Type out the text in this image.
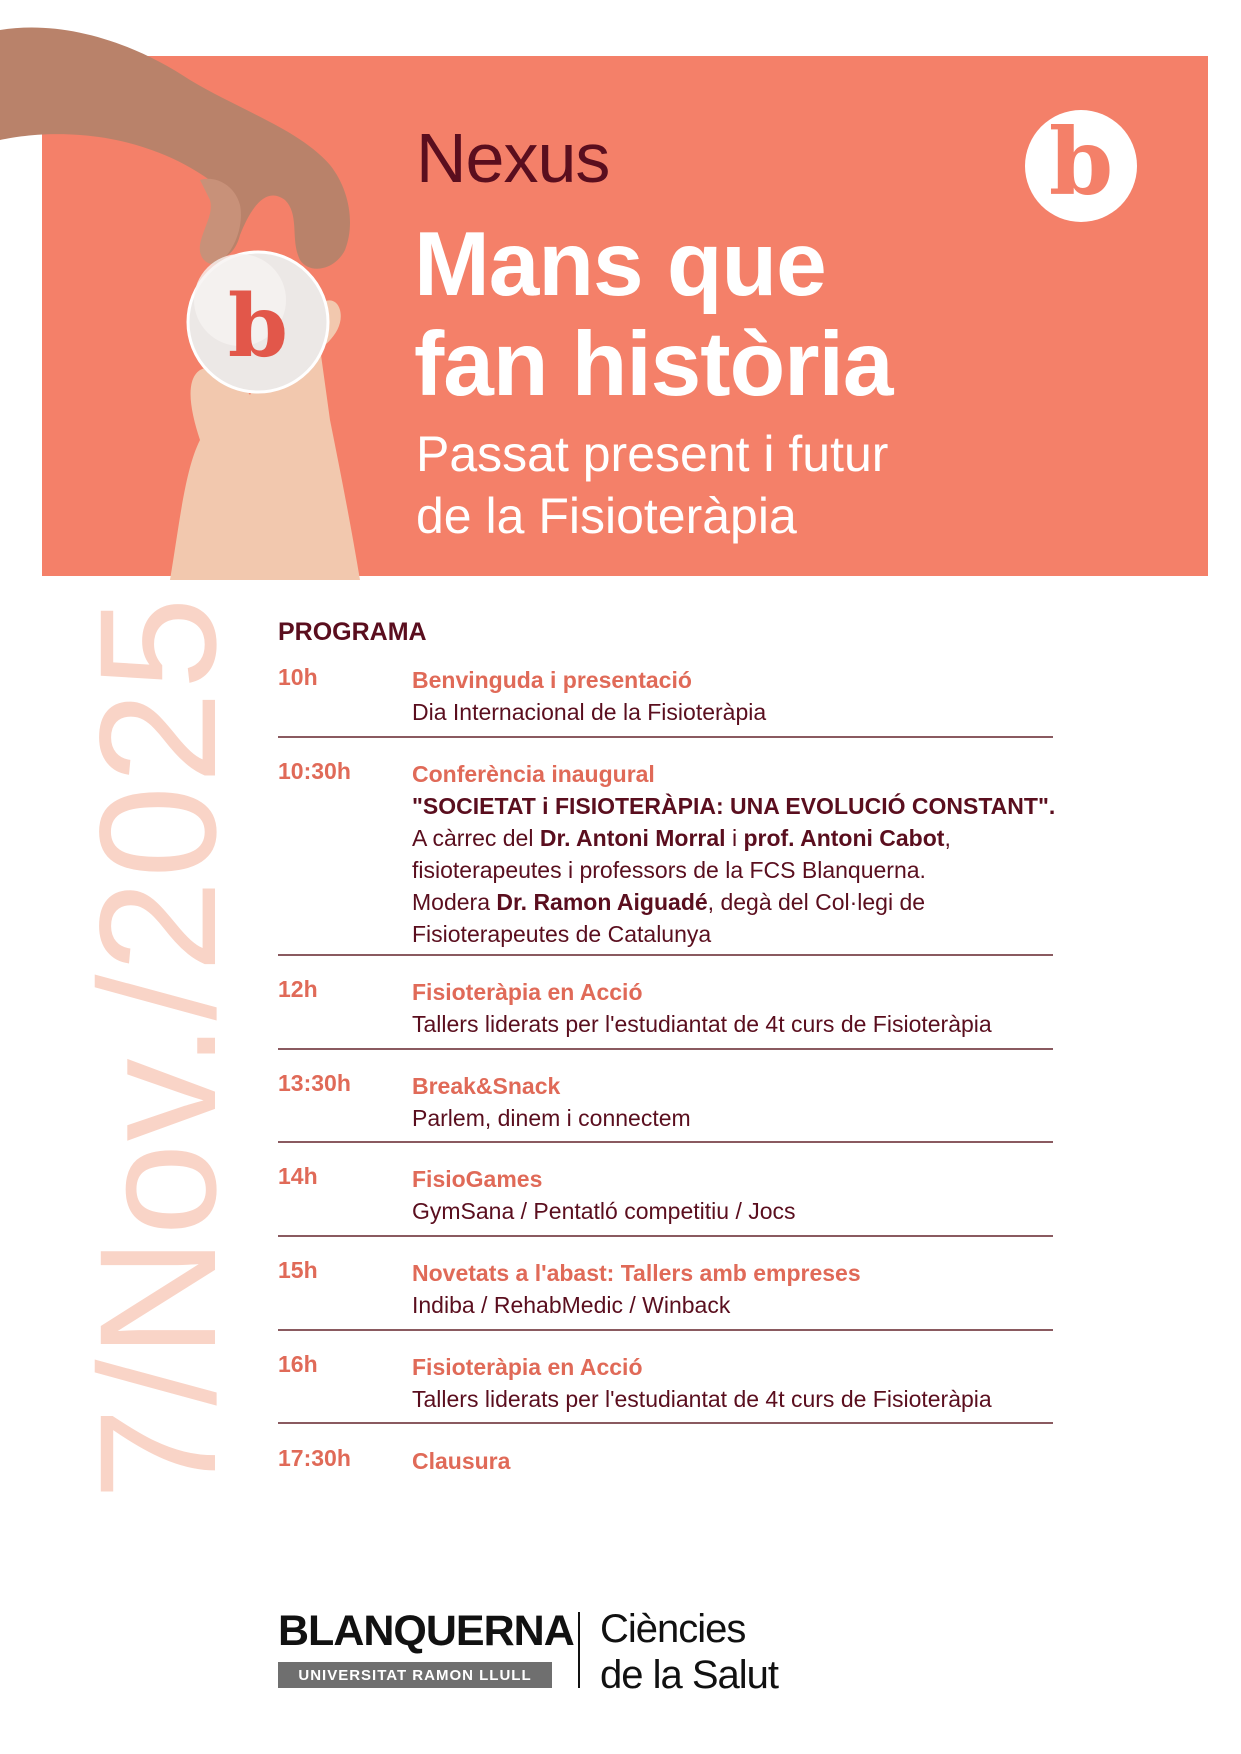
b
b
Nexus
Mans que
fan història
Passat present i futur
de la Fisioteràpia
7/Nov./2025 PROGRAMA
10h	Benvinguda i presentació
Dia Internacional de la Fisioteràpia
10:30h	Conferència inaugural
"SOCIETAT i FISIOTERÀPIA: UNA EVOLUCIÓ CONSTANT".
A càrrec del Dr. Antoni Morral i prof. Antoni Cabot,
fisioterapeutes i professors de la FCS Blanquerna.
Modera Dr. Ramon Aiguadé, degà del Col·legi de
Fisioterapeutes de Catalunya
12h	Fisioteràpia en Acció
Tallers liderats per l'estudiantat de 4t curs de Fisioteràpia
13:30h	Break&Snack
Parlem, dinem i connectem
14h	FisioGames
GymSana / Pentatló competitiu / Jocs
15h	Novetats a l'abast: Tallers amb empreses
Indiba / RehabMedic / Winback
16h	Fisioteràpia en Acció
Tallers liderats per l'estudiantat de 4t curs de Fisioteràpia
17:30h	Clausura
BLANQUERNA
UNIVERSITAT RAMON LLULL
Ciències
de la Salut
